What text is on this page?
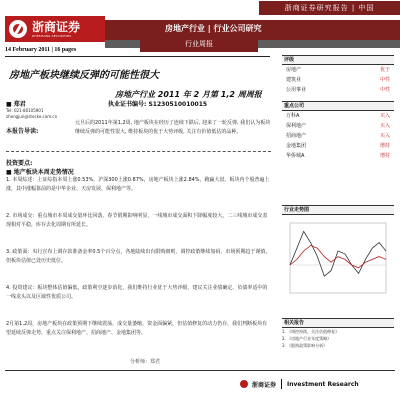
浙商证券研究报告 | 中国
浙商证券
ZHESHANG SECURITIES
房地产行业 | 行业公司研究
行业周报
14 February 2011 | 16 pages
房地产板块继续反弹的可能性很大
房地产行业 2011 年 2 月第 1,2 周周报
■ 郑君	执业证书编号: S1230510010015
Tel: 021-80105901
zhengjun@stocke.com.cn
本报告导读:
元旦后的2011年第1,2周, 地产板块在经历了连续下跌后, 迎来了一轮反弹, 我们认为板块继续反弹的可能性很大, 维持板块的优于大势评级, 关注有价值低估的品种。
投资要点:
■ 地产板块本周走势情况
1. 本周综述：上证综指本周上涨0.53%，沪深300上涨0.87%，房地产板块上涨2.84%，跑赢大盘。板块内个股普遍上涨，其中涨幅靠前的是中华企业、天房发展、保利地产等。
2. 市场成交：重点城市本周成交量环比回落，春节假期影响明显，一线城市成交面积下降幅度较大，二三线城市成交表现相对平稳，库存去化周期有所延长。
3. 政策面：央行宣布上调存款准备金率0.5个百分点，各地陆续出台限购细则，调控政策继续加码，市场预期趋于谨慎，但板块估值已处历史低位。
4. 投资建议：板块整体估值偏低，政策利空逐步消化，我们维持行业优于大势评级，建议关注业绩确定、负债率适中的一线龙头以及区域性优质公司。
2月第1,2周，房地产板块在政策预期下继续震荡，成交量萎缩，资金面偏紧，但估值修复的动力仍存，我们判断板块有望延续反弹走势，重点关注保利地产、招商地产、金地集团等。
评级
房地产	优于
建筑业	中性
公用事业	中性
重点公司
万科A	买入
保利地产	买入
招商地产	买入
金地集团	增持
华侨城A	增持
行业走势图
相关报告
1. 《调控持续，关注估值修复》
2. 《房地产行业年度策略》
3. 《限购政策影响分析》
分析师：郑君
浙商证券 Investment Research
